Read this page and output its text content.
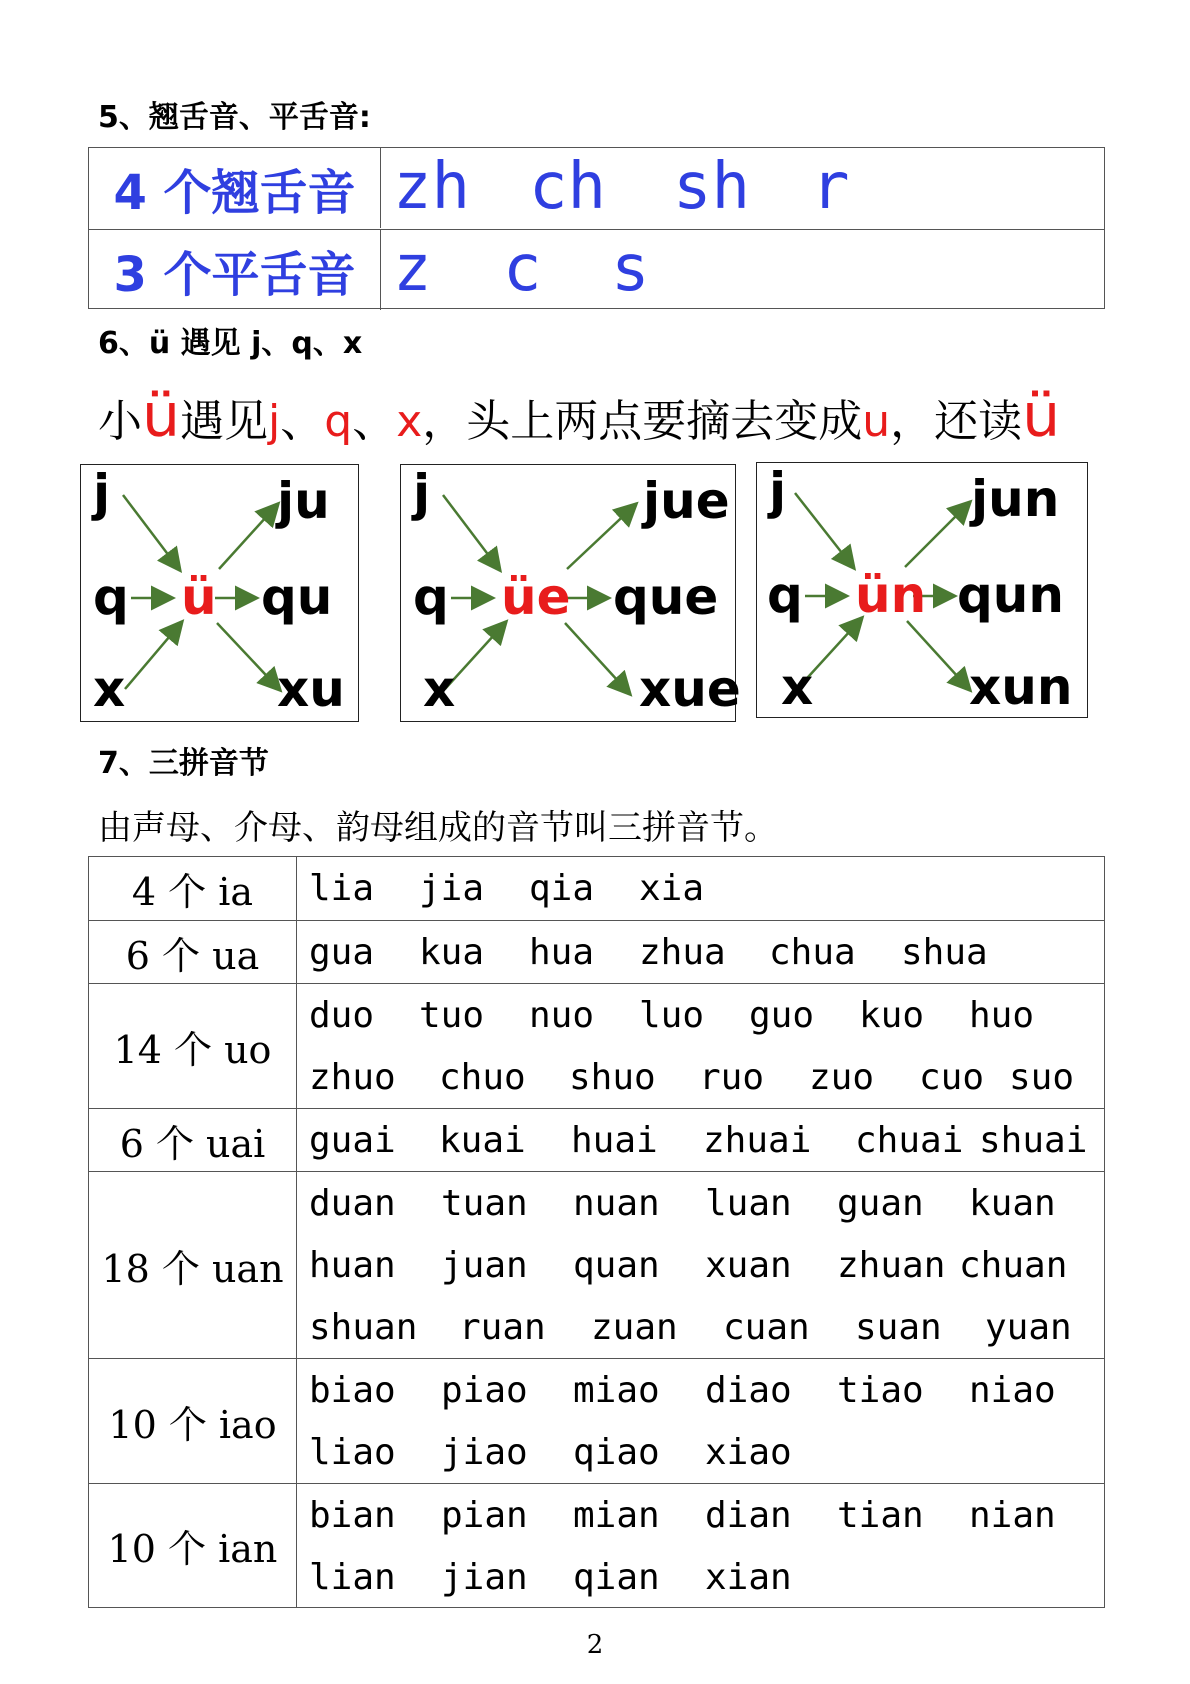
5、翘舌音、平舌音:
4 个翘舌音 zh ch sh r
3 个平舌音 z c s
6、ü 遇见 j、q、x
小ü遇见j、q、x，头上两点要摘去变成u，还读ü
j
q
x
ü
ju
qu
xu
j
q
x
üe
jue
que
xue
j
q
x
ün
jun
qun
xun
7、三拼音节
由声母、介母、韵母组成的音节叫三拼音节。
4 个 ia	lia jia qia xia
6 个 ua	gua kua hua zhua chua shua
14 个 uo
duo tuo nuo luo guo kuo huo
zhuo chuo shuo ruo zuo cuo suo
6 个 uai	guai kuai huai zhuai chuai shuai
18 个 uan
duan tuan nuan luan guan kuan
huan juan quan xuan zhuan chuan
shuan ruan zuan cuan suan yuan
10 个 iao
biao piao miao diao tiao niao
liao jiao qiao xiao
10 个 ian
bian pian mian dian tian nian
lian jian qian xian
2
